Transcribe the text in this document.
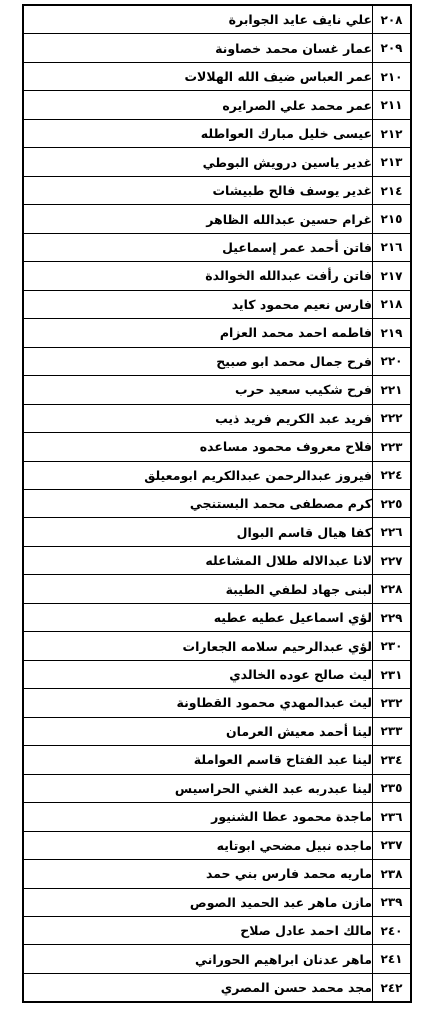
٢٠٨	علي نايف عايد الجوابرة
٢٠٩	عمار غسان محمد خصاونة
٢١٠	عمر العباس ضيف الله الهلالات
٢١١	عمر محمد علي الصرايره
٢١٢	عيسى خليل مبارك العواطله
٢١٣	غدير ياسين درويش البوطي
٢١٤	غدير يوسف فالح طبيشات
٢١٥	غرام حسين عبدالله الظاهر
٢١٦	فاتن أحمد عمر إسماعيل
٢١٧	فاتن رأفت عبدالله الخوالدة
٢١٨	فارس نعيم محمود كايد
٢١٩	فاطمه احمد محمد العزام
٢٢٠	فرح جمال محمد ابو صبيح
٢٢١	فرح شكيب سعيد حرب
٢٢٢	فريد عبد الكريم فريد ذيب
٢٢٣	فلاح معروف محمود مساعده
٢٢٤	فيروز عبدالرحمن عبدالكريم ابومعيلق
٢٢٥	كرم مصطفى محمد البستنجي
٢٢٦	كفا هيال قاسم البوال
٢٢٧	لانا عبدالاله طلال المشاعله
٢٢٨	لبنى جهاد لطفي الطيبة
٢٢٩	لؤي اسماعيل عطيه عطيه
٢٣٠	لؤي عبدالرحيم سلامه الجعارات
٢٣١	ليث صالح عوده الخالدي
٢٣٢	ليث عبدالمهدي محمود القطاونة
٢٣٣	لينا أحمد معيش العرمان
٢٣٤	لينا عبد الفتاح قاسم العواملة
٢٣٥	لينا عبدربه عبد الغني الحراسيس
٢٣٦	ماجدة محمود عطا الشنيور
٢٣٧	ماجده نبيل مضحي ابوتايه
٢٣٨	ماريه محمد فارس بني حمد
٢٣٩	مازن ماهر عبد الحميد الصوص
٢٤٠	مالك احمد عادل صلاح
٢٤١	ماهر عدنان ابراهيم الحوراني
٢٤٢	مجد محمد حسن المصري
